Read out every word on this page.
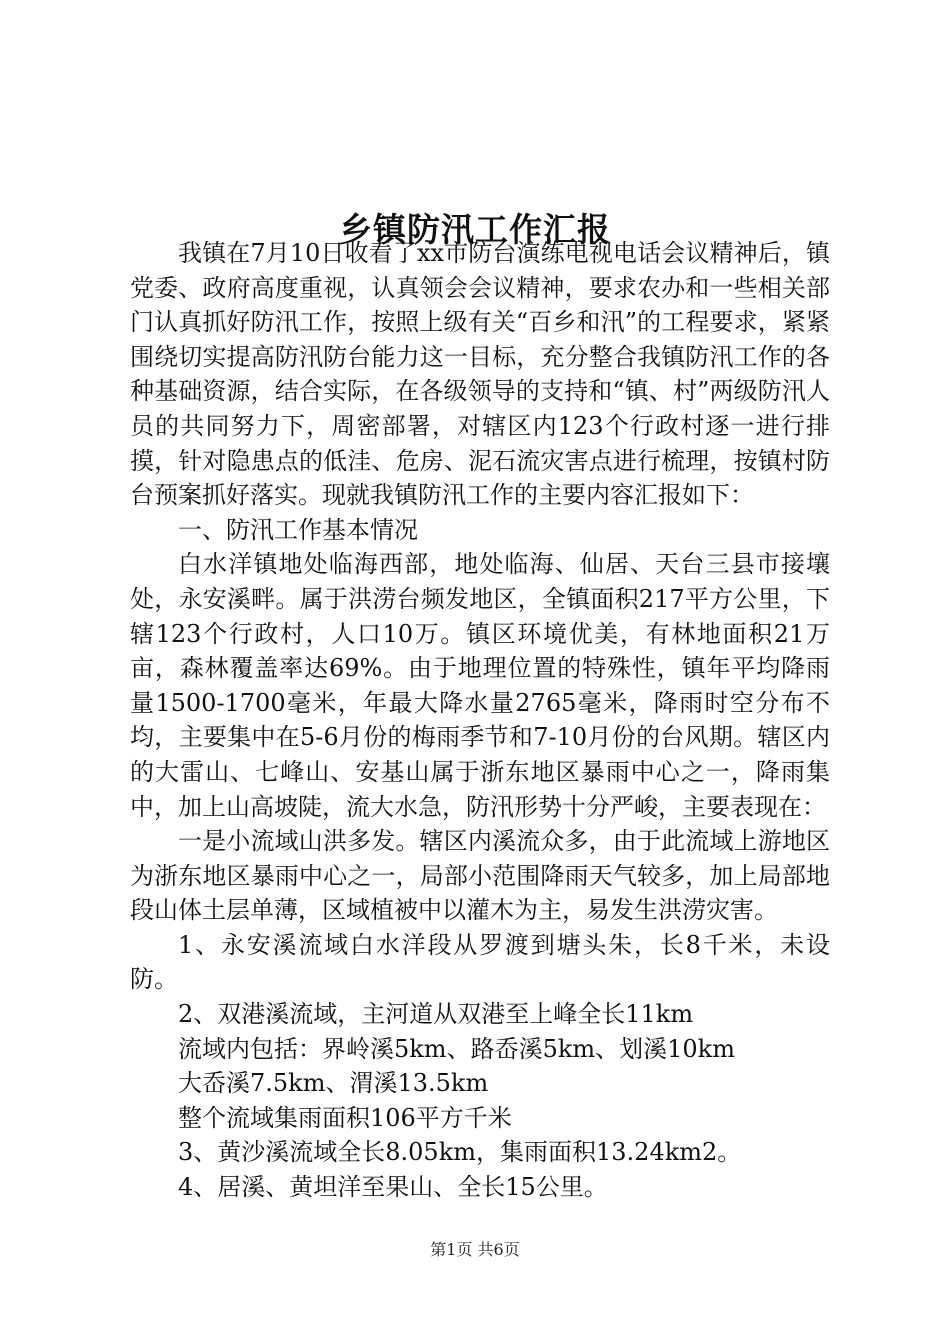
乡镇防汛工作汇报

我镇在7月10日收看了xx市防台演练电视电话会议精神后，镇党委、政府高度重视，认真领会会议精神，要求农办和一些相关部门认真抓好防汛工作，按照上级有关“百乡和汛”的工程要求，紧紧围绕切实提高防汛防台能力这一目标，充分整合我镇防汛工作的各种基础资源，结合实际，在各级领导的支持和“镇、村”两级防汛人员的共同努力下，周密部署，对辖区内123个行政村逐一进行排摸，针对隐患点的低洼、危房、泥石流灾害点进行梳理，按镇村防台预案抓好落实。现就我镇防汛工作的主要内容汇报如下：

一、防汛工作基本情况

白水洋镇地处临海西部，地处临海、仙居、天台三县市接壤处，永安溪畔。属于洪涝台频发地区，全镇面积217平方公里，下辖123个行政村，人口10万。镇区环境优美，有林地面积21万亩，森林覆盖率达69%。由于地理位置的特殊性，镇年平均降雨量1500-1700毫米，年最大降水量2765毫米，降雨时空分布不均，主要集中在5-6月份的梅雨季节和7-10月份的台风期。辖区内的大雷山、七峰山、安基山属于浙东地区暴雨中心之一，降雨集中，加上山高坡陡，流大水急，防汛形势十分严峻，主要表现在：

一是小流域山洪多发。辖区内溪流众多，由于此流域上游地区为浙东地区暴雨中心之一，局部小范围降雨天气较多，加上局部地段山体土层单薄，区域植被中以灌木为主，易发生洪涝灾害。

1、永安溪流域白水洋段从罗渡到塘头朱，长8千米，未设防。

2、双港溪流域，主河道从双港至上峰全长11km

流域内包括：界岭溪5km、路岙溪5km、划溪10km

大岙溪7.5km、渭溪13.5km

整个流域集雨面积106平方千米

3、黄沙溪流域全长8.05km，集雨面积13.24km2。

4、居溪、黄坦洋至果山、全长15公里。

第1页 共6页
